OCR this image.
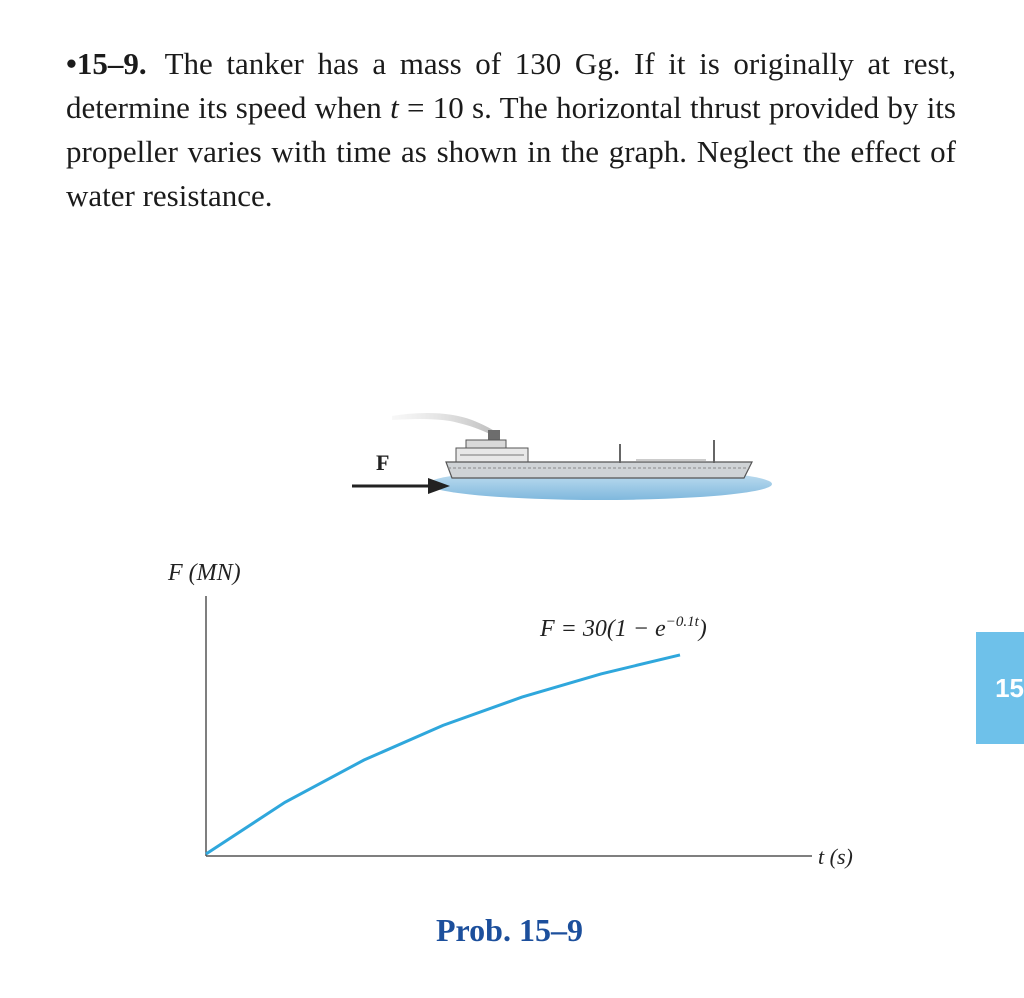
•15–9. The tanker has a mass of 130 Gg. If it is originally at rest, determine its speed when t = 10 s. The horizontal thrust provided by its propeller varies with time as shown in the graph. Neglect the effect of water resistance.
F
F (MN)
t (s)
$F = 30(1 - e^{-0.1t})$
15
Prob. 15–9
